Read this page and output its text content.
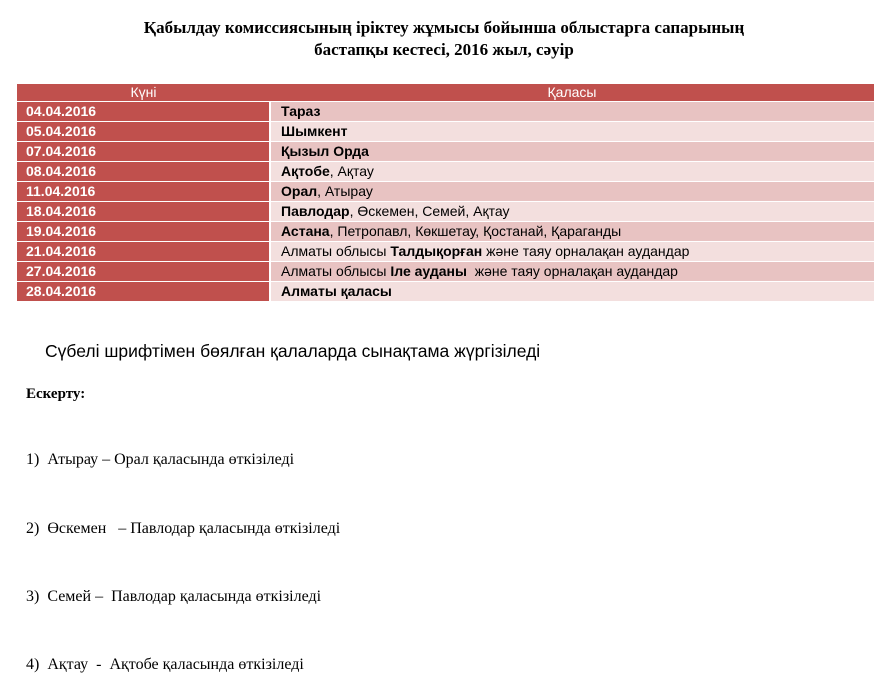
Қабылдау комиссиясының іріктеу жұмысы бойынша облыстарга сапарының
бастапқы кестесі, 2016 жыл, сәуір
Күні	Қаласы
04.04.2016	Тараз
05.04.2016	Шымкент
07.04.2016	Қызыл Орда
08.04.2016	Ақтобе, Ақтау
11.04.2016	Орал, Атырау
18.04.2016	Павлодар, Өскемен, Семей, Ақтау
19.04.2016	Астана, Петропавл, Көкшетау, Қостанай, Қараганды
21.04.2016	Алматы облысы Талдықорған және таяу орналақан аудандар
27.04.2016	Алматы облысы Іле ауданы  және таяу орналақан аудандар
28.04.2016	Алматы қаласы
Сүбелі шрифтімен бөялған қалаларда сынақтама жүргізіледі
Ескерту:

1)  Атырау – Орал қаласында өткізіледі

2)  Өскемен   – Павлодар қаласында өткізіледі

3)  Семей –  Павлодар қаласында өткізіледі

4)  Ақтау  -  Ақтобе қаласында өткізіледі
